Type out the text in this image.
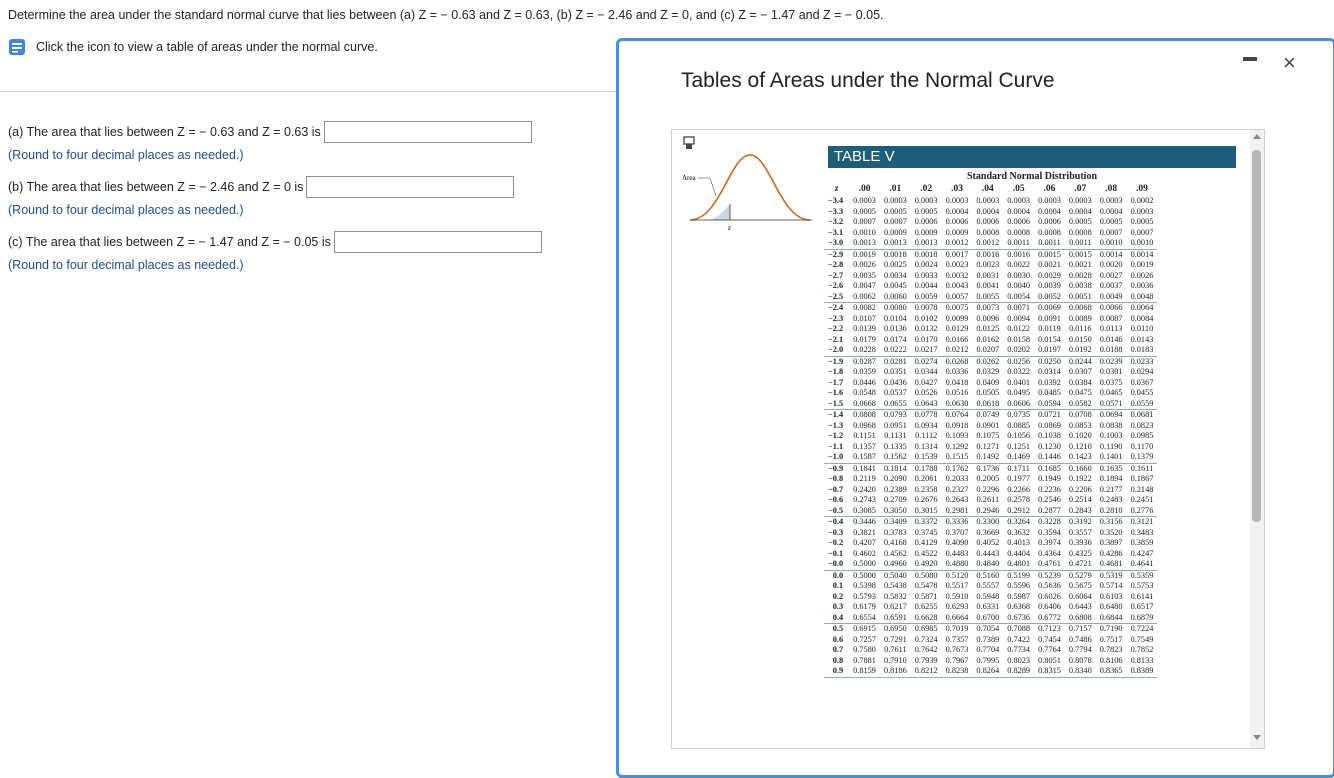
Determine the area under the standard normal curve that lies between (a) Z = − 0.63 and Z = 0.63, (b) Z = − 2.46 and Z = 0, and (c) Z = − 1.47 and Z = − 0.05.
Click the icon to view a table of areas under the normal curve.
(a) The area that lies between Z = − 0.63 and Z = 0.63 is
(Round to four decimal places as needed.)
(b) The area that lies between Z = − 2.46 and Z = 0 is
(Round to four decimal places as needed.)
(c) The area that lies between Z = − 1.47 and Z = − 0.05 is
(Round to four decimal places as needed.)
Tables of Areas under the Normal Curve
×
Area
z
TABLE V
Standard Normal Distribution
z	.00	.01	.02	.03	.04	.05	.06	.07	.08	.09
−3.4	0.0003	0.0003	0.0003	0.0003	0.0003	0.0003	0.0003	0.0003	0.0003	0.0002
−3.3	0.0005	0.0005	0.0005	0.0004	0.0004	0.0004	0.0004	0.0004	0.0004	0.0003
−3.2	0.0007	0.0007	0.0006	0.0006	0.0006	0.0006	0.0006	0.0005	0.0005	0.0005
−3.1	0.0010	0.0009	0.0009	0.0009	0.0008	0.0008	0.0008	0.0008	0.0007	0.0007
−3.0	0.0013	0.0013	0.0013	0.0012	0.0012	0.0011	0.0011	0.0011	0.0010	0.0010
−2.9	0.0019	0.0018	0.0018	0.0017	0.0016	0.0016	0.0015	0.0015	0.0014	0.0014
−2.8	0.0026	0.0025	0.0024	0.0023	0.0023	0.0022	0.0021	0.0021	0.0020	0.0019
−2.7	0.0035	0.0034	0.0033	0.0032	0.0031	0.0030	0.0029	0.0028	0.0027	0.0026
−2.6	0.0047	0.0045	0.0044	0.0043	0.0041	0.0040	0.0039	0.0038	0.0037	0.0036
−2.5	0.0062	0.0060	0.0059	0.0057	0.0055	0.0054	0.0052	0.0051	0.0049	0.0048
−2.4	0.0082	0.0080	0.0078	0.0075	0.0073	0.0071	0.0069	0.0068	0.0066	0.0064
−2.3	0.0107	0.0104	0.0102	0.0099	0.0096	0.0094	0.0091	0.0089	0.0087	0.0084
−2.2	0.0139	0.0136	0.0132	0.0129	0.0125	0.0122	0.0119	0.0116	0.0113	0.0110
−2.1	0.0179	0.0174	0.0170	0.0166	0.0162	0.0158	0.0154	0.0150	0.0146	0.0143
−2.0	0.0228	0.0222	0.0217	0.0212	0.0207	0.0202	0.0197	0.0192	0.0188	0.0183
−1.9	0.0287	0.0281	0.0274	0.0268	0.0262	0.0256	0.0250	0.0244	0.0239	0.0233
−1.8	0.0359	0.0351	0.0344	0.0336	0.0329	0.0322	0.0314	0.0307	0.0301	0.0294
−1.7	0.0446	0.0436	0.0427	0.0418	0.0409	0.0401	0.0392	0.0384	0.0375	0.0367
−1.6	0.0548	0.0537	0.0526	0.0516	0.0505	0.0495	0.0485	0.0475	0.0465	0.0455
−1.5	0.0668	0.0655	0.0643	0.0630	0.0618	0.0606	0.0594	0.0582	0.0571	0.0559
−1.4	0.0808	0.0793	0.0778	0.0764	0.0749	0.0735	0.0721	0.0708	0.0694	0.0681
−1.3	0.0968	0.0951	0.0934	0.0918	0.0901	0.0885	0.0869	0.0853	0.0838	0.0823
−1.2	0.1151	0.1131	0.1112	0.1093	0.1075	0.1056	0.1038	0.1020	0.1003	0.0985
−1.1	0.1357	0.1335	0.1314	0.1292	0.1271	0.1251	0.1230	0.1210	0.1190	0.1170
−1.0	0.1587	0.1562	0.1539	0.1515	0.1492	0.1469	0.1446	0.1423	0.1401	0.1379
−0.9	0.1841	0.1814	0.1788	0.1762	0.1736	0.1711	0.1685	0.1660	0.1635	0.1611
−0.8	0.2119	0.2090	0.2061	0.2033	0.2005	0.1977	0.1949	0.1922	0.1894	0.1867
−0.7	0.2420	0.2389	0.2358	0.2327	0.2296	0.2266	0.2236	0.2206	0.2177	0.2148
−0.6	0.2743	0.2709	0.2676	0.2643	0.2611	0.2578	0.2546	0.2514	0.2483	0.2451
−0.5	0.3085	0.3050	0.3015	0.2981	0.2946	0.2912	0.2877	0.2843	0.2810	0.2776
−0.4	0.3446	0.3409	0.3372	0.3336	0.3300	0.3264	0.3228	0.3192	0.3156	0.3121
−0.3	0.3821	0.3783	0.3745	0.3707	0.3669	0.3632	0.3594	0.3557	0.3520	0.3483
−0.2	0.4207	0.4168	0.4129	0.4090	0.4052	0.4013	0.3974	0.3936	0.3897	0.3859
−0.1	0.4602	0.4562	0.4522	0.4483	0.4443	0.4404	0.4364	0.4325	0.4286	0.4247
−0.0	0.5000	0.4960	0.4920	0.4880	0.4840	0.4801	0.4761	0.4721	0.4681	0.4641
0.0	0.5000	0.5040	0.5080	0.5120	0.5160	0.5199	0.5239	0.5279	0.5319	0.5359
0.1	0.5398	0.5438	0.5478	0.5517	0.5557	0.5596	0.5636	0.5675	0.5714	0.5753
0.2	0.5793	0.5832	0.5871	0.5910	0.5948	0.5987	0.6026	0.6064	0.6103	0.6141
0.3	0.6179	0.6217	0.6255	0.6293	0.6331	0.6368	0.6406	0.6443	0.6480	0.6517
0.4	0.6554	0.6591	0.6628	0.6664	0.6700	0.6736	0.6772	0.6808	0.6844	0.6879
0.5	0.6915	0.6950	0.6985	0.7019	0.7054	0.7088	0.7123	0.7157	0.7190	0.7224
0.6	0.7257	0.7291	0.7324	0.7357	0.7389	0.7422	0.7454	0.7486	0.7517	0.7549
0.7	0.7580	0.7611	0.7642	0.7673	0.7704	0.7734	0.7764	0.7794	0.7823	0.7852
0.8	0.7881	0.7910	0.7939	0.7967	0.7995	0.8023	0.8051	0.8078	0.8106	0.8133
0.9	0.8159	0.8186	0.8212	0.8238	0.8264	0.8289	0.8315	0.8340	0.8365	0.8389
